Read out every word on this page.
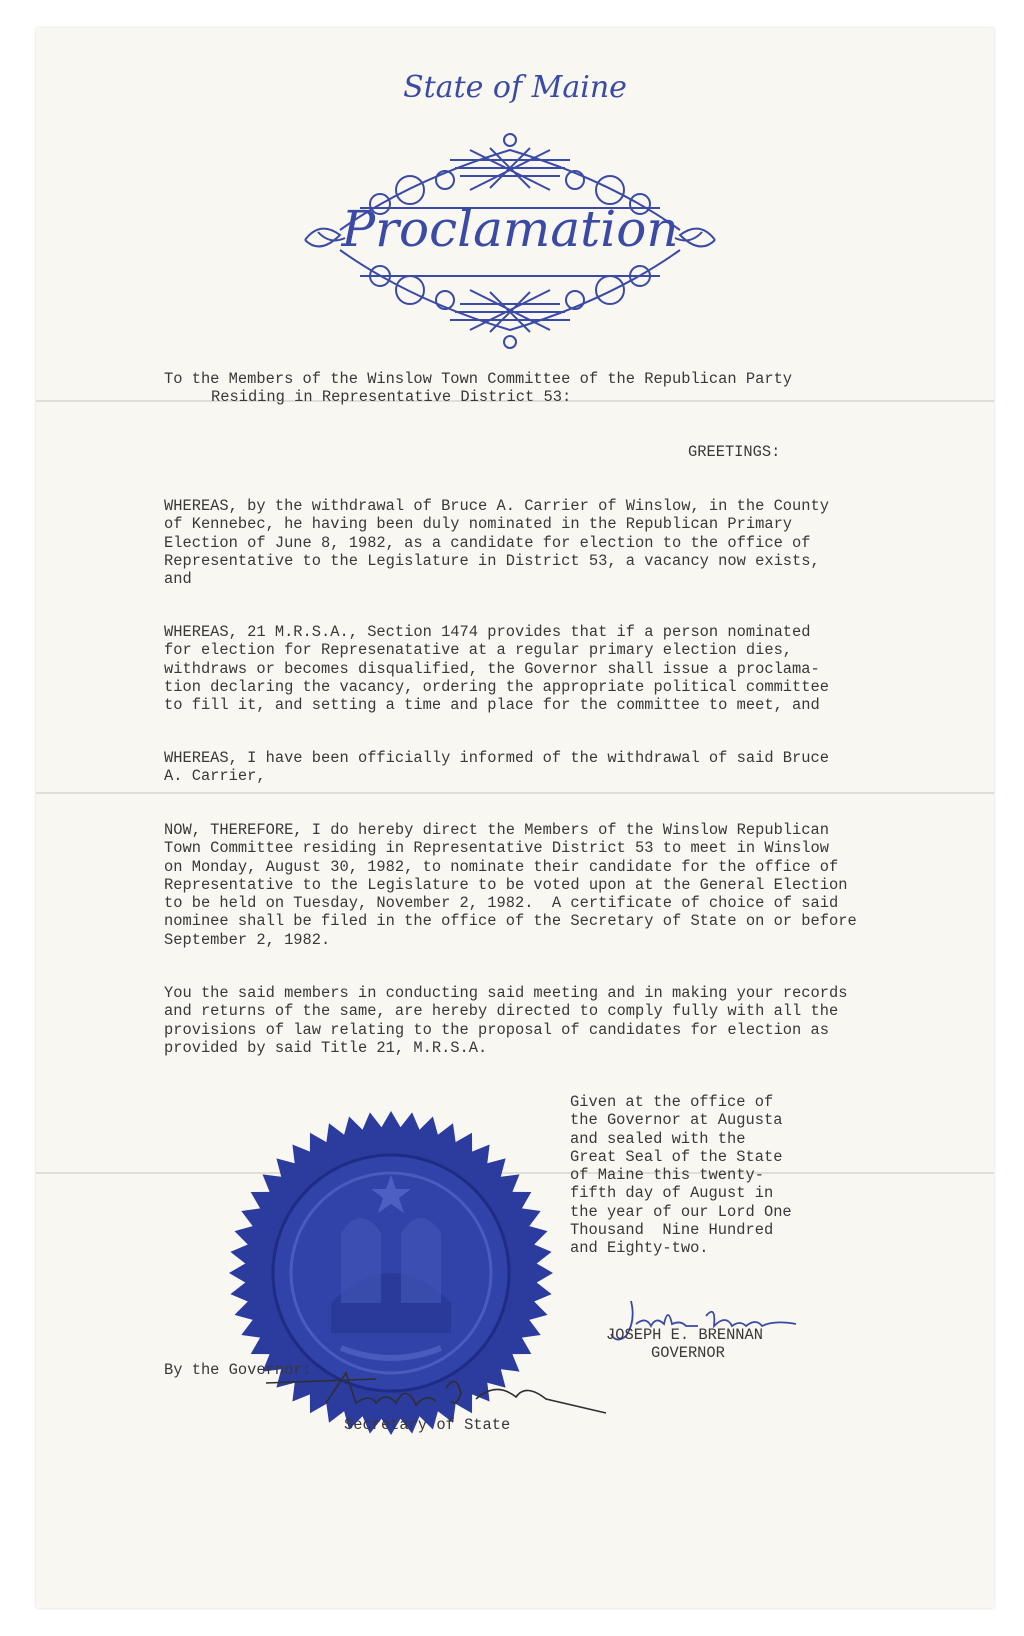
State of Maine
Proclamation
To the Members of the Winslow Town Committee of the Republican Party
Residing in Representative District 53:
GREETINGS:
WHEREAS, by the withdrawal of Bruce A. Carrier of Winslow, in the County
of Kennebec, he having been duly nominated in the Republican Primary
Election of June 8, 1982, as a candidate for election to the office of
Representative to the Legislature in District 53, a vacancy now exists,
and
WHEREAS, 21 M.R.S.A., Section 1474 provides that if a person nominated
for election for Represenatative at a regular primary election dies,
withdraws or becomes disqualified, the Governor shall issue a proclama-
tion declaring the vacancy, ordering the appropriate political committee
to fill it, and setting a time and place for the committee to meet, and
WHEREAS, I have been officially informed of the withdrawal of said Bruce
A. Carrier,
NOW, THEREFORE, I do hereby direct the Members of the Winslow Republican
Town Committee residing in Representative District 53 to meet in Winslow
on Monday, August 30, 1982, to nominate their candidate for the office of
Representative to the Legislature to be voted upon at the General Election
to be held on Tuesday, November 2, 1982.  A certificate of choice of said
nominee shall be filed in the office of the Secretary of State on or before
September 2, 1982.
You the said members in conducting said meeting and in making your records
and returns of the same, are hereby directed to comply fully with all the
provisions of law relating to the proposal of candidates for election as
provided by said Title 21, M.R.S.A.
Given at the office of
the Governor at Augusta
and sealed with the
Great Seal of the State
of Maine this twenty-
fifth day of August in
the year of our Lord One
Thousand  Nine Hundred
and Eighty-two.
JOSEPH E. BRENNAN
GOVERNOR
By the Governor:
Secretary of State
